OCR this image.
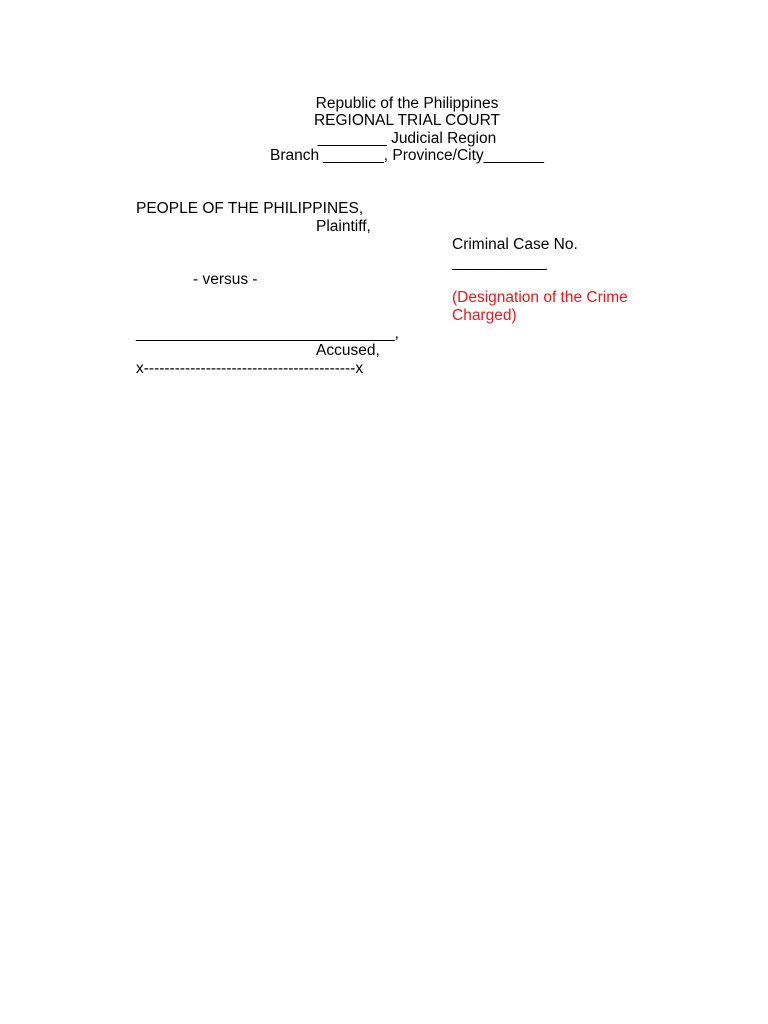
Republic of the Philippines
REGIONAL TRIAL COURT
________ Judicial Region
Branch _______, Province/City_______
PEOPLE OF THE PHILIPPINES,
Plaintiff,
Criminal Case No.
___________
- versus -
(Designation of the Crime
Charged)
______________________________,
Accused,
x-----------------------------------------x
